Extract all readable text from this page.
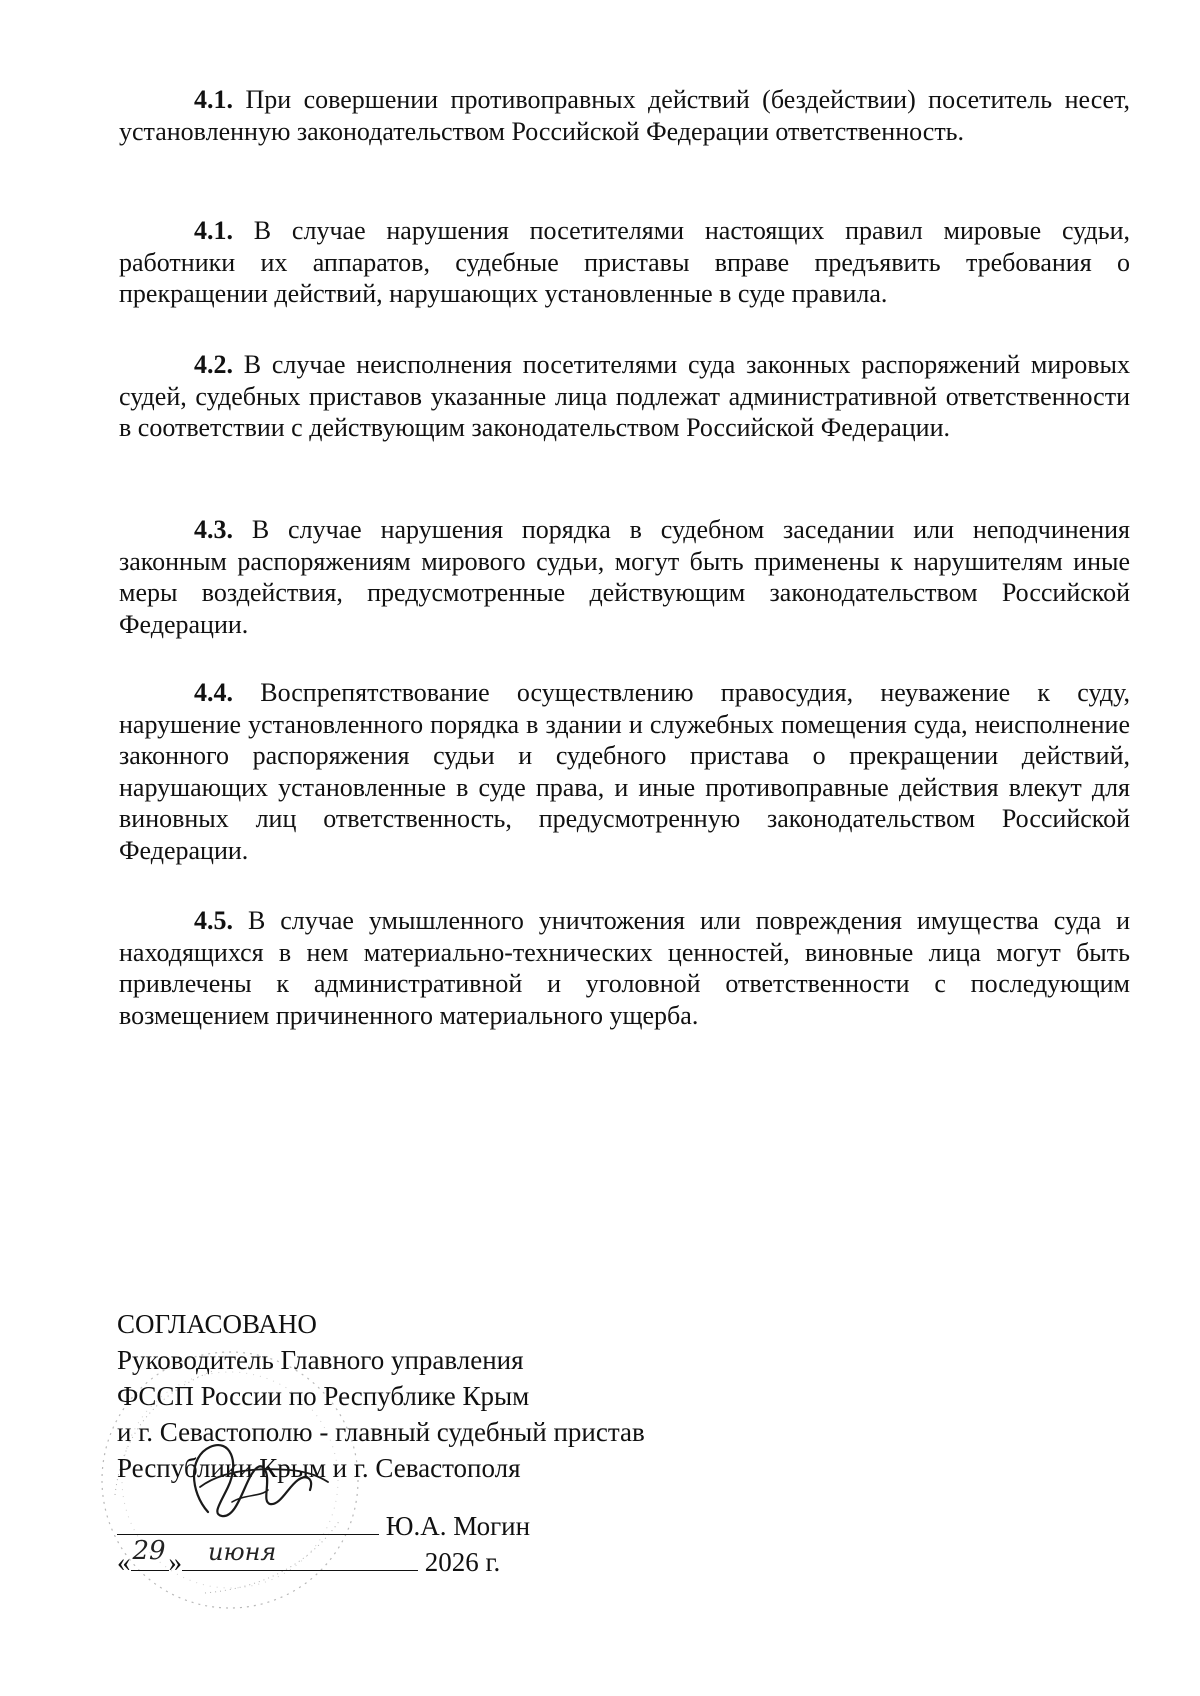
4.1. При совершении противоправных действий (бездействии) посетитель несет, установленную законодательством Российской Федерации ответственность.

4.1. В случае нарушения посетителями настоящих правил мировые судьи, работники их аппаратов, судебные приставы вправе предъявить требования о прекращении действий, нарушающих установленные в суде правила.

4.2. В случае неисполнения посетителями суда законных распоряжений мировых судей, судебных приставов указанные лица подлежат административной ответственности в соответствии с действующим законодательством Российской Федерации.

4.3. В случае нарушения порядка в судебном заседании или неподчинения законным распоряжениям мирового судьи, могут быть применены к нарушителям иные меры воздействия, предусмотренные действующим законодательством Российской Федерации.

4.4. Воспрепятствование осуществлению правосудия, неуважение к суду, нарушение установленного порядка в здании и служебных помещения суда, неисполнение законного распоряжения судьи и судебного пристава о прекращении действий, нарушающих установленные в суде права, и иные противоправные действия влекут для виновных лиц ответственность, предусмотренную законодательством Российской Федерации.

4.5. В случае умышленного уничтожения или повреждения имущества суда и находящихся в нем материально-технических ценностей, виновные лица могут быть привлечены к административной и уголовной ответственности с последующим возмещением причиненного материального ущерба.

СОГЛАСОВАНО
Руководитель Главного управления
ФССП России по Республике Крым
и г. Севастополю - главный судебный пристав
Республики Крым и г. Севастополя
Ю.А. Могин
« 29 » июня	2026 г.
